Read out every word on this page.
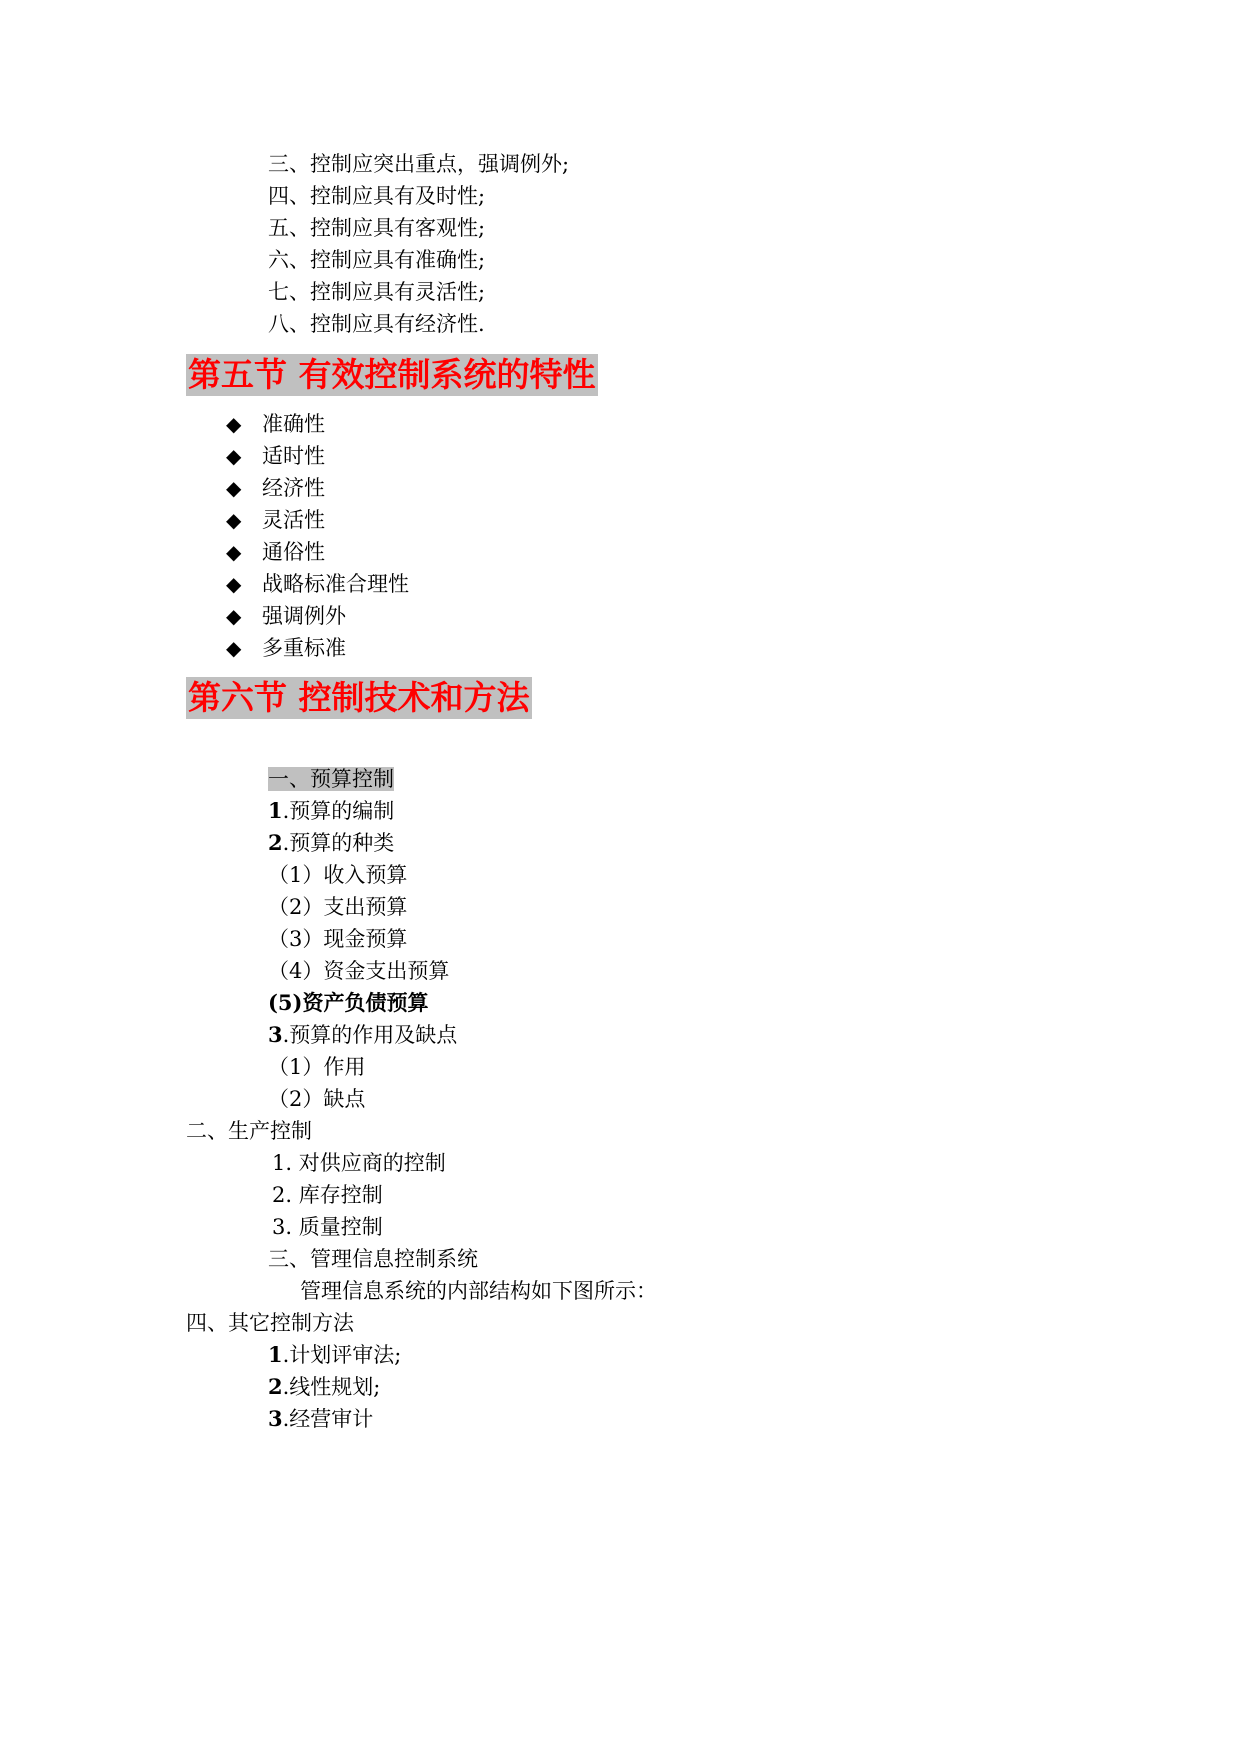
三、控制应突出重点，强调例外;
四、控制应具有及时性;
五、控制应具有客观性;
六、控制应具有准确性;
七、控制应具有灵活性;
八、控制应具有经济性.
第五节 有效控制系统的特性
◆ 准确性
◆ 适时性
◆ 经济性
◆ 灵活性
◆ 通俗性
◆ 战略标准合理性
◆ 强调例外
◆ 多重标准
第六节 控制技术和方法
一、预算控制
1.预算的编制
2.预算的种类
（1）收入预算
（2）支出预算
（3）现金预算
（4）资金支出预算
(5)资产负债预算
3.预算的作用及缺点
（1）作用
（2）缺点
二、生产控制
1. 对供应商的控制
2. 库存控制
3. 质量控制
三、管理信息控制系统
管理信息系统的内部结构如下图所示：
四、其它控制方法
1.计划评审法;
2.线性规划;
3.经营审计
